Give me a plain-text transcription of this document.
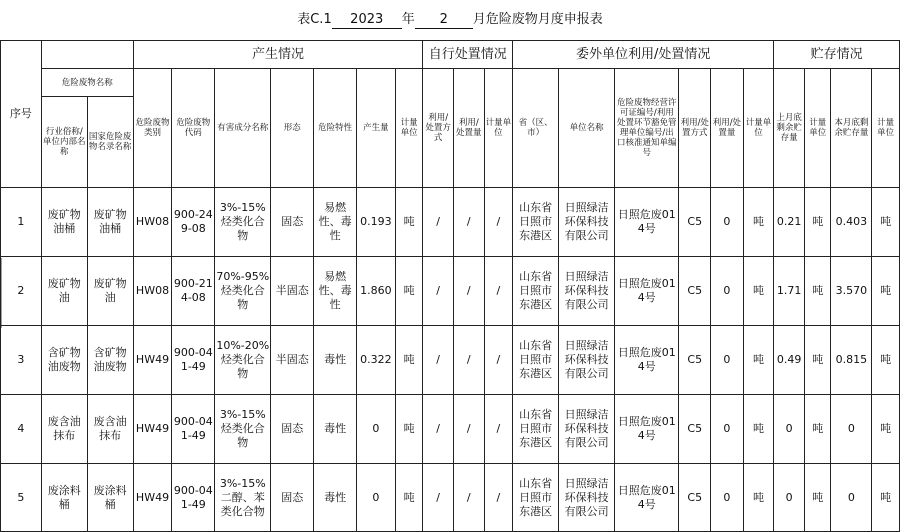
表C.1 2023 年 2 月危险废物月度申报表
序号			产生情况							自行处置情况			委外单位利用/处置情况						贮存情况			
	危险废物名称		危险废物类别	危险废物代码	有害成分名称	形态	危险特性	产生量	计量单位	利用/处置方式	利用/处置量	计量单位	省（区、市）	单位名称	危险废物经营许可证编号/利用处置环节豁免管理单位编号/出口核准通知单编号	利用/处置方式	利用/处置量	计量单位	上月底剩余贮存量	计量单位	本月底剩余贮存量	计量单位
	行业俗称/单位内部名称	国家危险废物名录名称																				
1	废矿物油桶	废矿物油桶	HW08	900-249-08	3%-15%烃类化合物	固态	易燃性、毒性	0.193	吨	/	/	/	山东省日照市东港区	日照绿洁环保科技有限公司	日照危废014号	C5	0	吨	0.21	吨	0.403	吨
2	废矿物油	废矿物油	HW08	900-214-08	70%-95%烃类化合物	半固态	易燃性、毒性	1.860	吨	/	/	/	山东省日照市东港区	日照绿洁环保科技有限公司	日照危废014号	C5	0	吨	1.71	吨	3.570	吨
3	含矿物油废物	含矿物油废物	HW49	900-041-49	10%-20%烃类化合物	半固态	毒性	0.322	吨	/	/	/	山东省日照市东港区	日照绿洁环保科技有限公司	日照危废014号	C5	0	吨	0.49	吨	0.815	吨
4	废含油抹布	废含油抹布	HW49	900-041-49	3%-15%烃类化合物	固态	毒性	0	吨	/	/	/	山东省日照市东港区	日照绿洁环保科技有限公司	日照危废014号	C5	0	吨	0	吨	0	吨
5	废涂料桶	废涂料桶	HW49	900-041-49	3%-15%二醇、苯类化合物	固态	毒性	0	吨	/	/	/	山东省日照市东港区	日照绿洁环保科技有限公司	日照危废014号	C5	0	吨	0	吨	0	吨
